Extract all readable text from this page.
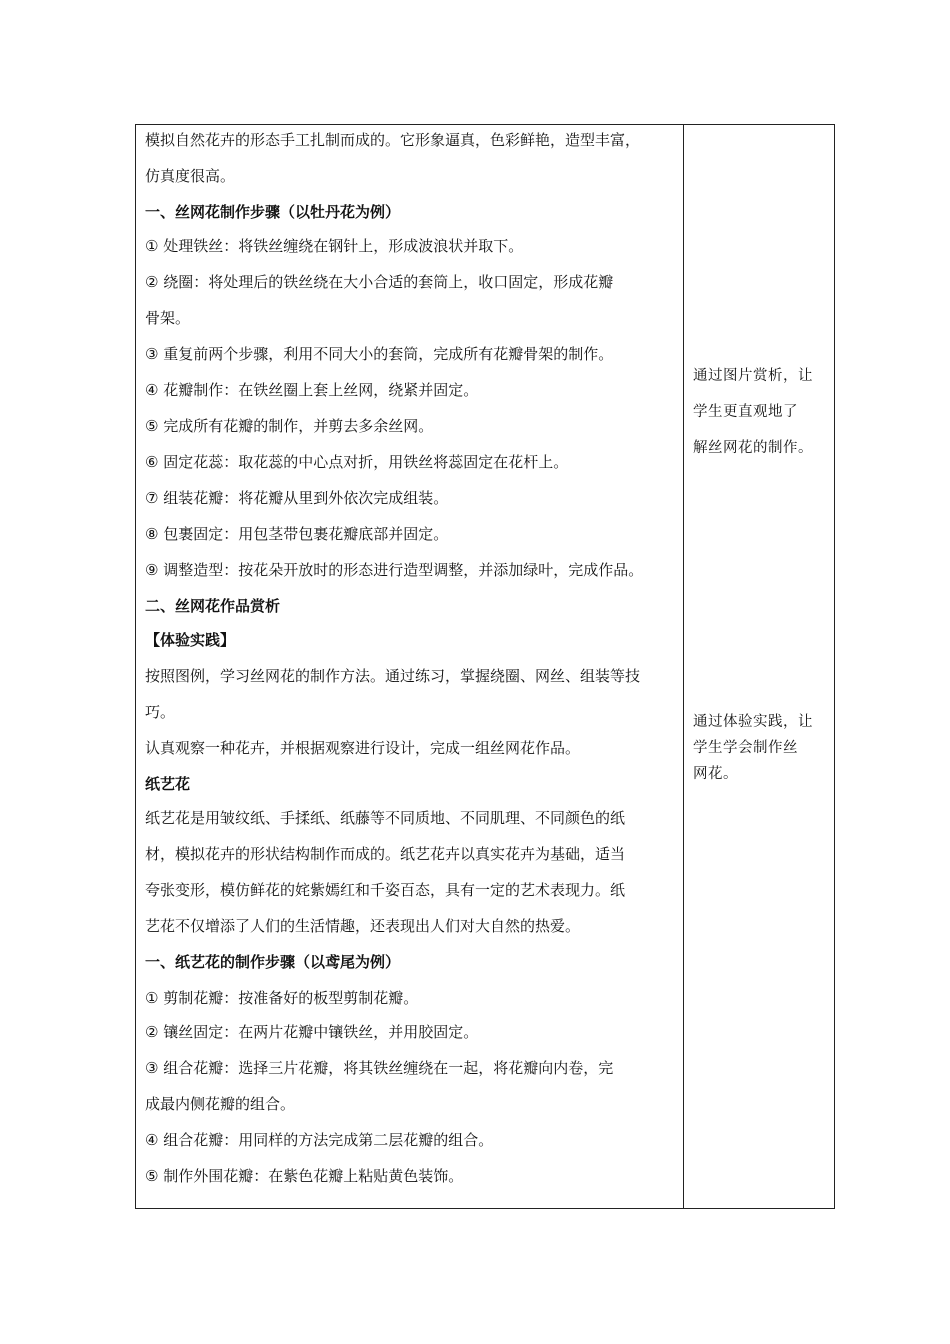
模拟自然花卉的形态手工扎制而成的。它形象逼真，色彩鲜艳，造型丰富，
仿真度很高。
一、丝网花制作步骤（以牡丹花为例）
① 处理铁丝：将铁丝缠绕在钢针上，形成波浪状并取下。
② 绕圈：将处理后的铁丝绕在大小合适的套筒上，收口固定，形成花瓣
骨架。
③ 重复前两个步骤，利用不同大小的套筒，完成所有花瓣骨架的制作。
④ 花瓣制作：在铁丝圈上套上丝网，绕紧并固定。
⑤ 完成所有花瓣的制作，并剪去多余丝网。
⑥ 固定花蕊：取花蕊的中心点对折，用铁丝将蕊固定在花杆上。
⑦ 组装花瓣：将花瓣从里到外依次完成组装。
⑧ 包裹固定：用包茎带包裹花瓣底部并固定。
⑨ 调整造型：按花朵开放时的形态进行造型调整，并添加绿叶，完成作品。
二、丝网花作品赏析
【体验实践】
按照图例，学习丝网花的制作方法。通过练习，掌握绕圈、网丝、组装等技
巧。
认真观察一种花卉，并根据观察进行设计，完成一组丝网花作品。
纸艺花
纸艺花是用皱纹纸、手揉纸、纸藤等不同质地、不同肌理、不同颜色的纸
材，模拟花卉的形状结构制作而成的。纸艺花卉以真实花卉为基础，适当
夸张变形，模仿鲜花的姹紫嫣红和千姿百态，具有一定的艺术表现力。纸
艺花不仅增添了人们的生活情趣，还表现出人们对大自然的热爱。
一、纸艺花的制作步骤（以鸢尾为例）
① 剪制花瓣：按准备好的板型剪制花瓣。
② 镶丝固定：在两片花瓣中镶铁丝，并用胶固定。
③ 组合花瓣：选择三片花瓣，将其铁丝缠绕在一起，将花瓣向内卷，完
成最内侧花瓣的组合。
④ 组合花瓣：用同样的方法完成第二层花瓣的组合。
⑤ 制作外围花瓣：在紫色花瓣上粘贴黄色装饰。

通过图片赏析，让
学生更直观地了
解丝网花的制作。
通过体验实践，让
学生学会制作丝
网花。
